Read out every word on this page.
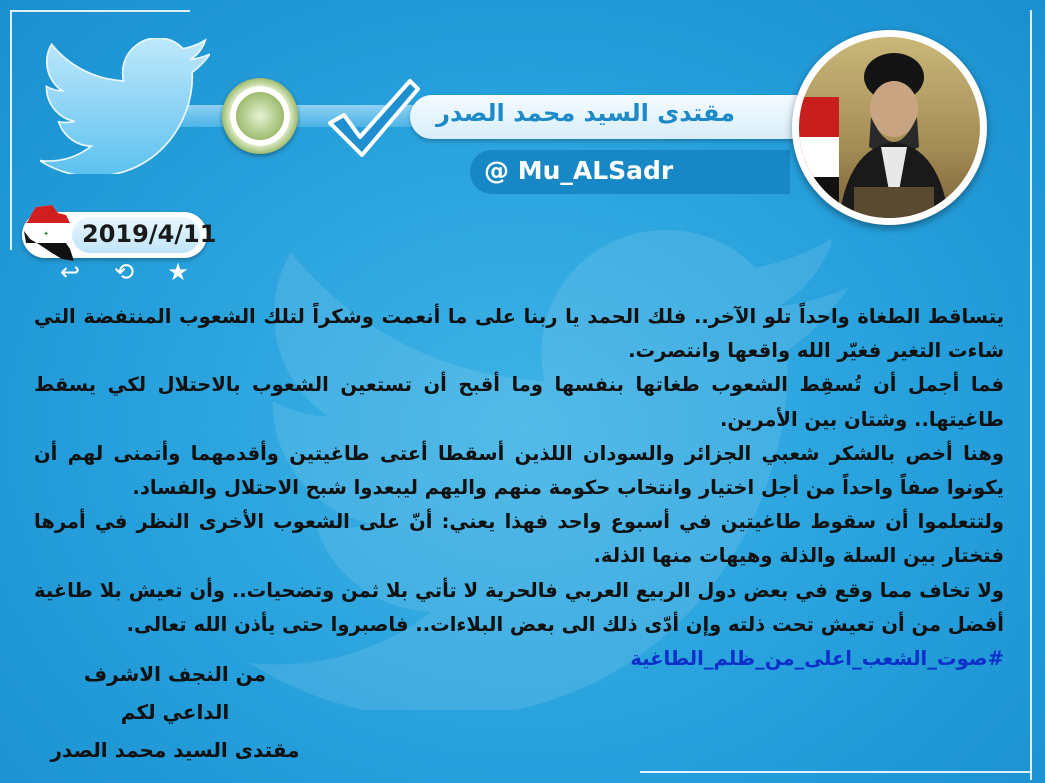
مقتدى السيد محمد الصدر
@ Mu_ALSadr
2019/4/11
✦
↩ ⟲ ★

يتساقط الطغاة واحداً تلو الآخر.. فلك الحمد يا ربنا على ما أنعمت وشكراً لتلك الشعوب المنتفضة التي شاءت التغير فغيّر الله واقعها وانتصرت.

فما أجمل أن تُسقِط الشعوب طغاتها بنفسها وما أقبح أن تستعين الشعوب بالاحتلال لكي يسقط طاغيتها.. وشتان بين الأمرين.

وهنا أخص بالشكر شعبي الجزائر والسودان اللذين أسقطا أعتى طاغيتين وأقدمهما وأتمنى لهم أن يكونوا صفاً واحداً من أجل اختيار وانتخاب حكومة منهم واليهم ليبعدوا شبح الاحتلال والفساد.

ولتتعلموا أن سقوط طاغيتين في أسبوع واحد فهذا يعني: أنّ على الشعوب الأخرى النظر في أمرها فتختار بين السلة والذلة وهيهات منها الذلة.

ولا تخاف مما وقع في بعض دول الربيع العربي فالحرية لا تأتي بلا ثمن وتضحيات.. وأن تعيش بلا طاغية أفضل من أن تعيش تحت ذلته وإن أدّى ذلك الى بعض البلاءات.. فاصبروا حتى يأذن الله تعالى.

#صوت_الشعب_اعلى_من_ظلم_الطاغية

من النجف الاشرف
الداعي لكم
مقتدى السيد محمد الصدر
